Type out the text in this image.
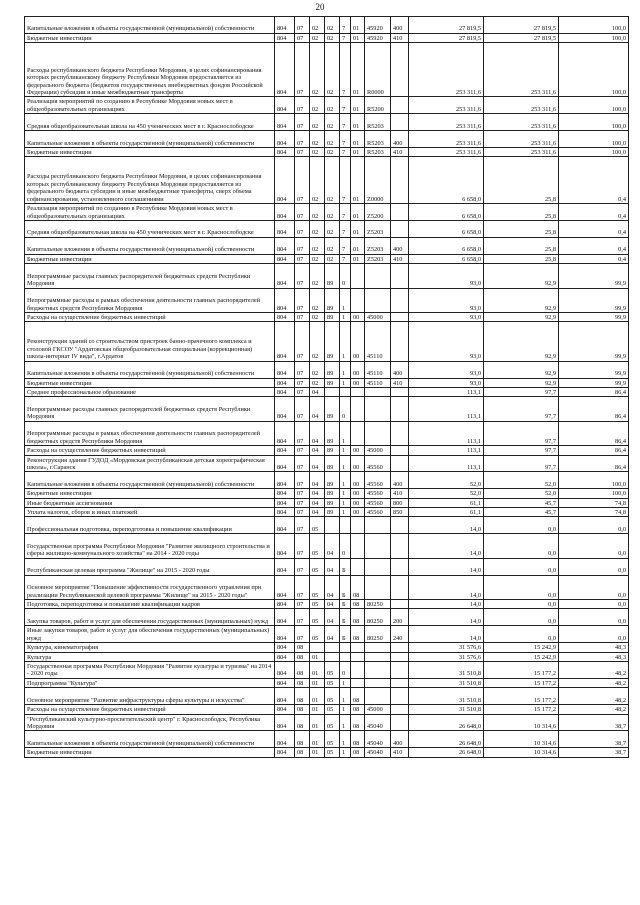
20
Капитальные вложения в объекты государственной (муниципальной) собственности	804	07	02	02	7	01	45920	400	27 819,5	27 819,5	100,0
Бюджетные инвестиции	804	07	02	02	7	01	45920	410	27 819,5	27 819,5	100,0
Расходы республиканского бюджета Республики Мордовия, в целях софинансирования которых республиканскому бюджету Республики Мордовия предоставляется из федерального бюджета (бюджетов государственных внебюджетных фондов Российской Федерации) субсидии и иные межбюджетные трансферты	804	07	02	02	7	01	R0000		253 311,6	253 311,6	100,0
Реализация мероприятий по созданию в Республике Мордовия новых мест в общеобразовательных организациях	804	07	02	02	7	01	R5200		253 311,6	253 311,6	100,0
Средняя общеобразовательная школа на 450 ученических мест в г. Краснослободске	804	07	02	02	7	01	R5203		253 311,6	253 311,6	100,0
Капитальные вложения в объекты государственной (муниципальной) собственности	804	07	02	02	7	01	R5203	400	253 311,6	253 311,6	100,0
Бюджетные инвестиции	804	07	02	02	7	01	R5203	410	253 311,6	253 311,6	100,0
Расходы республиканского бюджета Республики Мордовия, в целях софинансирования которых республиканскому бюджету Республики Мордовия предоставляется из федерального бюджета субсидии и иные межбюджетные трансферты, сверх объема софинансирования, установленного соглашениями	804	07	02	02	7	01	Z0000		6 658,0	25,8	0,4
Реализация мероприятий по созданию в Республике Мордовия новых мест в общеобразовательных организациях	804	07	02	02	7	01	Z5200		6 658,0	25,8	0,4
Средняя общеобразовательная школа на 450 ученических мест в г. Краснослободске	804	07	02	02	7	01	Z5203		6 658,0	25,8	0,4
Капитальные вложения в объекты государственной (муниципальной) собственности	804	07	02	02	7	01	Z5203	400	6 658,0	25,8	0,4
Бюджетные инвестиции	804	07	02	02	7	01	Z5203	410	6 658,0	25,8	0,4
Непрограммные расходы главных распорядителей бюджетных средств Республики Мордовия	804	07	02	89	0				93,0	92,9	99,9
Непрограммные расходы в рамках обеспечения деятельности главных распорядителей бюджетных средств Республики Мордовия	804	07	02	89	1				93,0	92,9	99,9
Расходы на осуществление бюджетных инвестиций	804	07	02	89	1	00	45000		93,0	92,9	99,9
Реконструкция зданий со строительством пристроек банно-прачечного комплекса и столовой ГКСОУ "Ардатовская общеобразовательная специальная (коррекционная) школа-интернат IV вида", г.Ардатов	804	07	02	89	1	00	45110		93,0	92,9	99,9
Капитальные вложения в объекты государственной (муниципальной) собственности	804	07	02	89	1	00	45110	400	93,0	92,9	99,9
Бюджетные инвестиции	804	07	02	89	1	00	45110	410	93,0	92,9	99,9
Среднее профессиональное образование	804	07	04						113,1	97,7	86,4
Непрограммные расходы главных распорядителей бюджетных средств Республики Мордовия	804	07	04	89	0				113,1	97,7	86,4
Непрограммные расходы в рамках обеспечения деятельности главных распорядителей бюджетных средств Республики Мордовия	804	07	04	89	1				113,1	97,7	86,4
Расходы на осуществление бюджетных инвестиций	804	07	04	89	1	00	45000		113,1	97,7	86,4
Реконструкция здания ГУДОД «Мордовская республиканская детская хореографическая школа», г.Саранск	804	07	04	89	1	00	45560		113,1	97,7	86,4
Капитальные вложения в объекты государственной (муниципальной) собственности	804	07	04	89	1	00	45560	400	52,0	52,0	100,0
Бюджетные инвестиции	804	07	04	89	1	00	45560	410	52,0	52,0	100,0
Иные бюджетные ассигнования	804	07	04	89	1	00	45560	800	61,1	45,7	74,8
Уплата налогов, сборов и иных платежей	804	07	04	89	1	00	45560	850	61,1	45,7	74,8
Профессиональная подготовка, переподготовка и повышение квалификации	804	07	05						14,0	0,0	0,0
Государственная программа Республики Мордовия "Развитие жилищного строительства и сферы жилищно-коммунального хозяйства" на 2014 - 2020 годы	804	07	05	04	0				14,0	0,0	0,0
Республиканская целевая программа "Жилище" на 2015 - 2020 годы	804	07	05	04	Б				14,0	0,0	0,0
Основное мероприятие "Повышение эффективности государственного управления при реализации Республиканской целевой программы "Жилище" на 2015 - 2020 годы"	804	07	05	04	Б	08			14,0	0,0	0,0
Подготовка, переподготовка и повышение квалификации кадров	804	07	05	04	Б	08	80250		14,0	0,0	0,0
Закупка товаров, работ и услуг для обеспечения государственных (муниципальных) нужд	804	07	05	04	Б	08	80250	200	14,0	0,0	0,0
Иные закупки товаров, работ и услуг для обеспечения государственных (муниципальных) нужд	804	07	05	04	Б	08	80250	240	14,0	0,0	0,0
Культура, кинематография	804	08							31 576,6	15 242,9	48,3
Культура	804	08	01						31 576,6	15 242,9	48,3
Государственная программа Республики Мордовия "Развитие культуры и туризма" на 2014 - 2020 годы	804	08	01	05	0				31 510,8	15 177,2	48,2
Подпрограмма "Культура"	804	08	01	05	1				31 510,8	15 177,2	48,2
Основное мероприятие "Развитие инфраструктуры сферы культуры и искусства"	804	08	01	05	1	08			31 510,8	15 177,2	48,2
Расходы на осуществление бюджетных инвестиций	804	08	01	05	1	08	45000		31 510,8	15 177,2	48,2
"Республиканский культурно-просветительский центр" г. Краснослободск, Республика Мордовия	804	08	01	05	1	08	45040		26 648,0	10 314,6	38,7
Капитальные вложения в объекты государственной (муниципальной) собственности	804	08	01	05	1	08	45040	400	26 648,0	10 314,6	38,7
Бюджетные инвестиции	804	08	01	05	1	08	45040	410	26 648,0	10 314,6	38,7
